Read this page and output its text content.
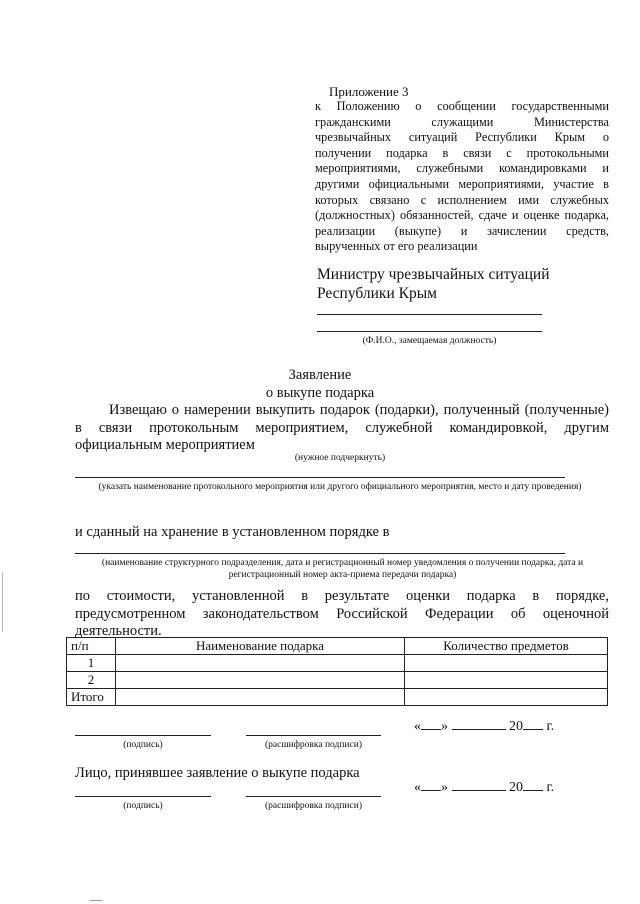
Приложение 3
к Положению о сообщении государственными гражданскими служащими Министерства чрезвычайных ситуаций Республики Крым о получении подарка в связи с протокольными мероприятиями, служебными командировками и другими официальными мероприятиями, участие в которых связано с исполнением ими служебных (должностных) обязанностей, сдаче и оценке подарка, реализации (выкупе) и зачислении средств, вырученных от его реализации
Министру чрезвычайных ситуаций
Республики Крым
(Ф.И.О., замещаемая должность)
Заявление
о выкупе подарка
Извещаю о намерении выкупить подарок (подарки), полученный (полученные) в связи протокольным мероприятием, служебной командировкой, другим официальным мероприятием
(нужное подчеркнуть)
(указать наименование протокольного мероприятия или другого официального мероприятия, место и дату проведения)
и сданный на хранение в установленном порядке в
(наименование структурного подразделения, дата и регистрационный номер уведомления о получении подарка, дата и регистрационный номер акта-приема передачи подарка)
по стоимости, установленной в результате оценки подарка в порядке, предусмотренном законодательством Российской Федерации об оценочной деятельности.
п/п	Наименование подарка	Количество предметов
1		
2		
Итого		
(подпись)	(расшифровка подписи)
« »	20 г.
Лицо, принявшее заявление о выкупе подарка
(подпись)	(расшифровка подписи)
« »	20 г.
